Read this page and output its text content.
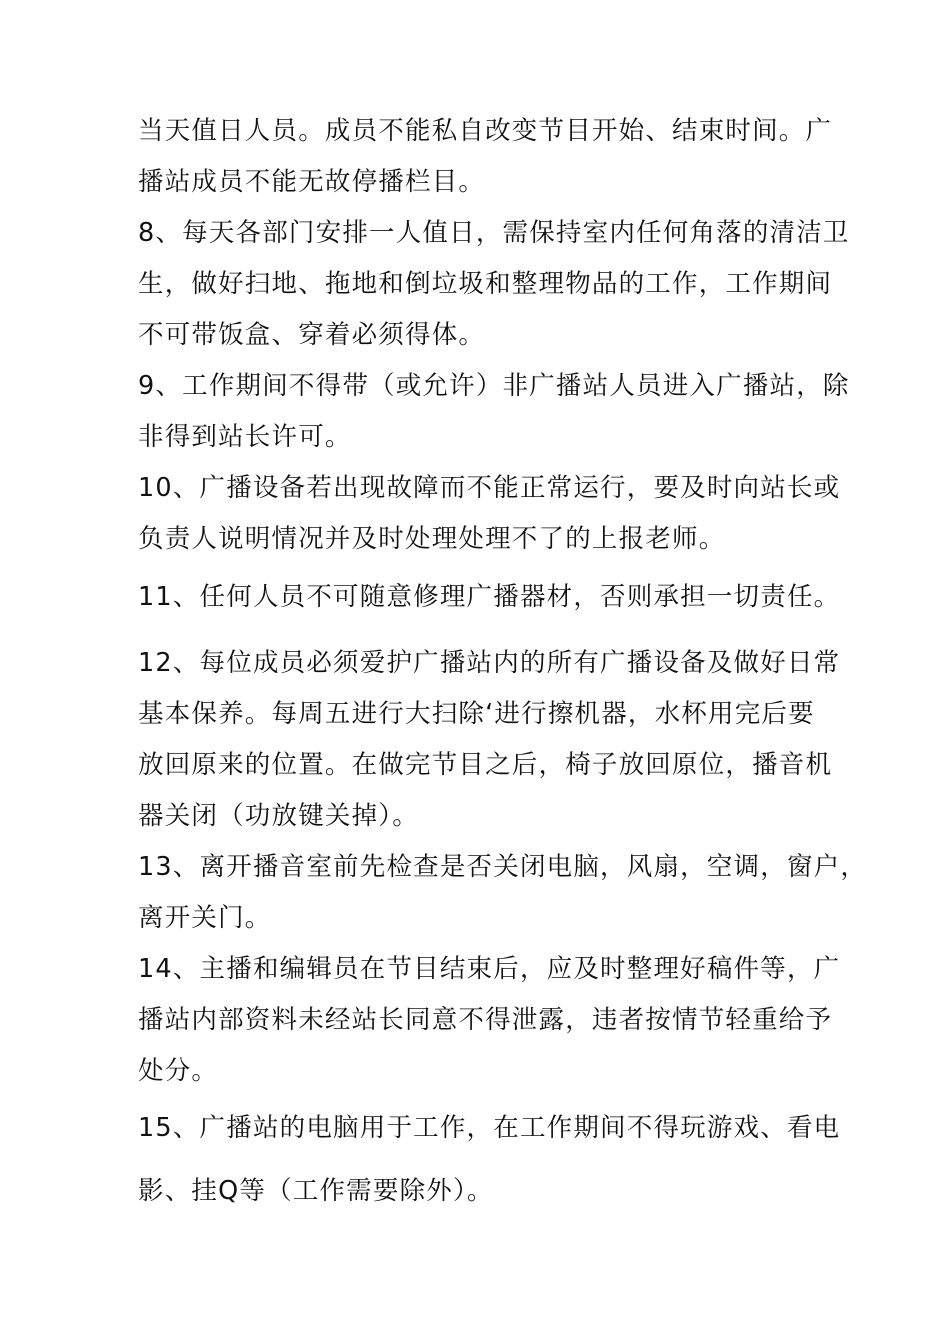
当天值日人员。成员不能私自改变节目开始、结束时间。广
播站成员不能无故停播栏目。
8、每天各部门安排一人值日，需保持室内任何角落的清洁卫
生，做好扫地、拖地和倒垃圾和整理物品的工作，工作期间
不可带饭盒、穿着必须得体。
9、工作期间不得带（或允许）非广播站人员进入广播站，除
非得到站长许可。
10、广播设备若出现故障而不能正常运行，要及时向站长或
负责人说明情况并及时处理处理不了的上报老师。
11、任何人员不可随意修理广播器材，否则承担一切责任。
12、每位成员必须爱护广播站内的所有广播设备及做好日常
基本保养。每周五进行大扫除‘进行擦机器，水杯用完后要
放回原来的位置。在做完节目之后，椅子放回原位，播音机
器关闭（功放键关掉）。
13、离开播音室前先检查是否关闭电脑，风扇，空调，窗户，
离开关门。
14、主播和编辑员在节目结束后，应及时整理好稿件等，广
播站内部资料未经站长同意不得泄露，违者按情节轻重给予
处分。
15、广播站的电脑用于工作，在工作期间不得玩游戏、看电
影、挂Q等（工作需要除外）。
